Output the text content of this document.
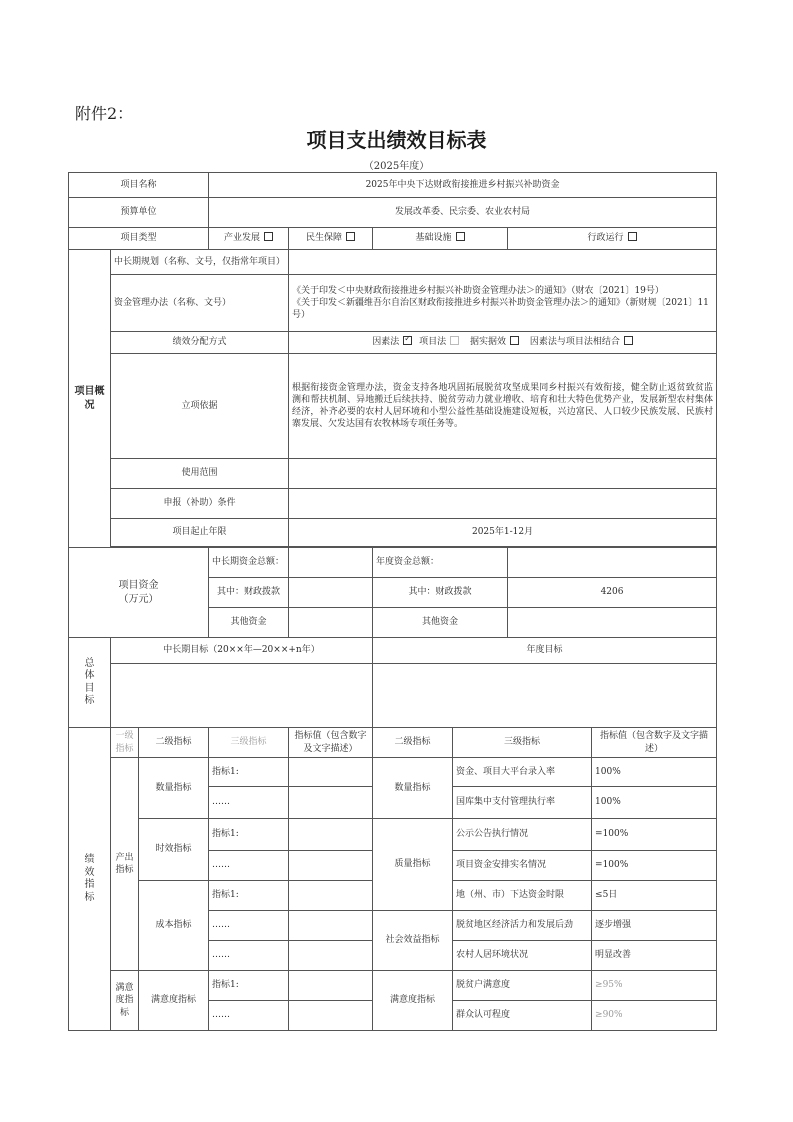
附件2：
项目支出绩效目标表
（2025年度）
项目名称			2025年中央下达财政衔接推进乡村振兴补助资金					
预算单位			发展改革委、民宗委、农业农村局					
项目类型			产业发展	民生保障	基础设施		行政运行	
项目概况	中长期规划（名称、文号，仅指常年项目）							
	资金管理办法（名称、文号）			《关于印发＜中央财政衔接推进乡村振兴补助资金管理办法＞的通知》（财农〔2021〕19号）
《关于印发＜新疆维吾尔自治区财政衔接推进乡村振兴补助资金管理办法＞的通知》（新财规〔2021〕11号）				

	绩效分配方式			因素法 ✓ 项目法 据实据效 因素法与项目法相结合
	立项依据			根据衔接资金管理办法，资金支持各地巩固拓展脱贫攻坚成果同乡村振兴有效衔接，健全防止返贫致贫监测和帮扶机制、异地搬迁后续扶持、脱贫劳动力就业增收、培育和壮大特色优势产业，发展新型农村集体经济，补齐必要的农村人居环境和小型公益性基础设施建设短板，兴边富民、人口较少民族发展、民族村寨发展、欠发达国有农牧林场专项任务等。				
	使用范围							
	申报（补助）条件							
	项目起止年限			2025年1-12月				

项目资金
（万元）			中长期资金总额：		年度资金总额：			
			其中：财政拨款		其中：财政拨款		4206	
			其他资金		其他资金			

总体目标	中长期目标（20××年—20××+n年）				年度目标			

绩效指标	一级指标	二级指标	三级指标	指标值（包含数字及文字描述）	二级指标	三级指标		指标值（包含数字及文字描述）
	产出指标	数量指标	指标1:		数量指标	资金、项目大平台录入率		100%
			……			国库集中支付管理执行率		100%
		时效指标	指标1:		质量指标	公示公告执行情况		=100%
			……			项目资金安排实名情况		=100%
		成本指标	指标1:			地（州、市）下达资金时限		≤5日
			……		社会效益指标	脱贫地区经济活力和发展后劲		逐步增强
			……			农村人居环境状况		明显改善
	满意度指标	满意度指标	指标1:		满意度指标	脱贫户满意度		≥95%
			……			群众认可程度		≥90%
